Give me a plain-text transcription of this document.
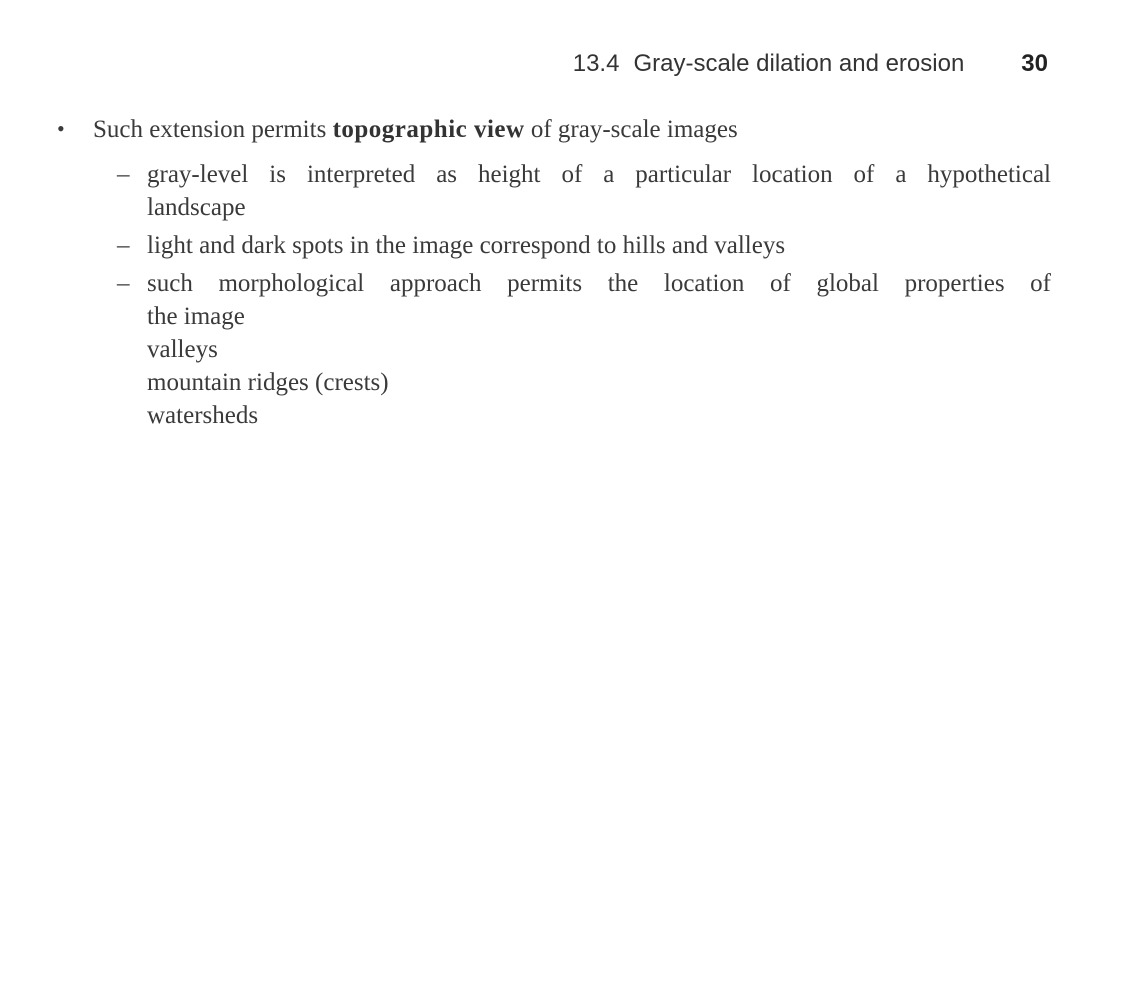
13.4 Gray-scale dilation and erosion 30
• Such extension permits topographic view of gray-scale images
– gray-level is interpreted as height of a particular location of a hypothetical
landscape
– light and dark spots in the image correspond to hills and valleys
– such morphological approach permits the location of global properties of
the image
valleys
mountain ridges (crests)
watersheds
